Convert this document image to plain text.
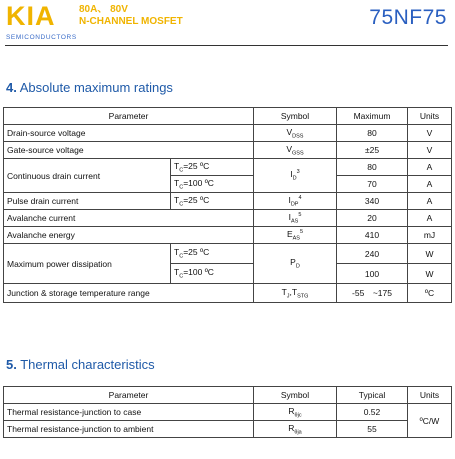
KIA
SEMICONDUCTORS
80A、 80V
N-CHANNEL MOSFET	75NF75
4. Absolute maximum ratings
Parameter		Symbol	Maximum	Units
Drain-source voltage		$V_{DSS}$	80	V
Gate-source voltage		$V_{GSS}$	±25	V
Continuous drain current	$T_C=25$ ºC	$I_D^3$	80	A
	$T_C=100$ ºC		70	A
Pulse drain current	$T_C=25$ ºC	$I_{DP}^4$	340	A
Avalanche current		$I_{AS}^5$	20	A
Avalanche energy		$E_{AS}^5$	410	mJ
Maximum power dissipation	$T_C=25$ ºC	$P_D$	240	W
	$T_C=100$ ºC		100	W
Junction & storage temperature range		$T_J,T_{STG}$	-55　~175	ºC
5. Thermal characteristics
Parameter	Symbol	Typical	Units
Thermal resistance-junction to case	$R_{\theta jc}$	0.52	ºC/W
Thermal resistance-junction to ambient	$R_{\theta ja}$	55	
